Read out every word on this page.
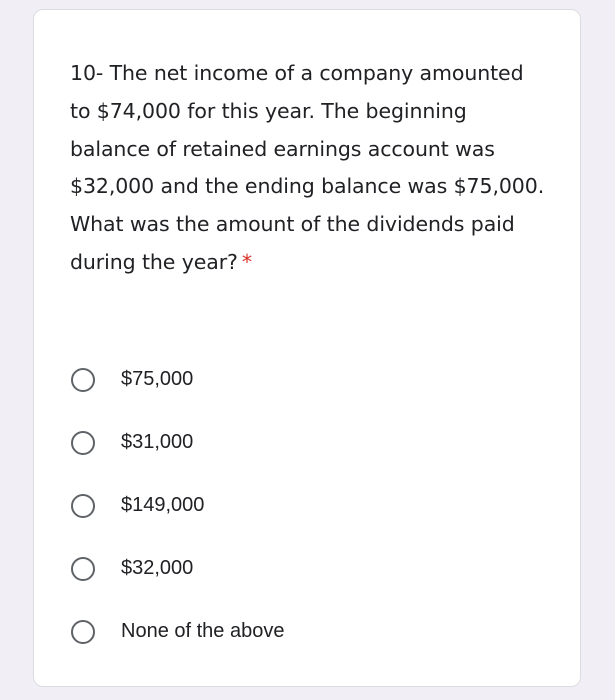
10- The net income of a company amounted to $74,000 for this year. The beginning balance of retained earnings account was $32,000 and the ending balance was $75,000. What was the amount of the dividends paid during the year? *

$75,000
$31,000
$149,000
$32,000
None of the above
